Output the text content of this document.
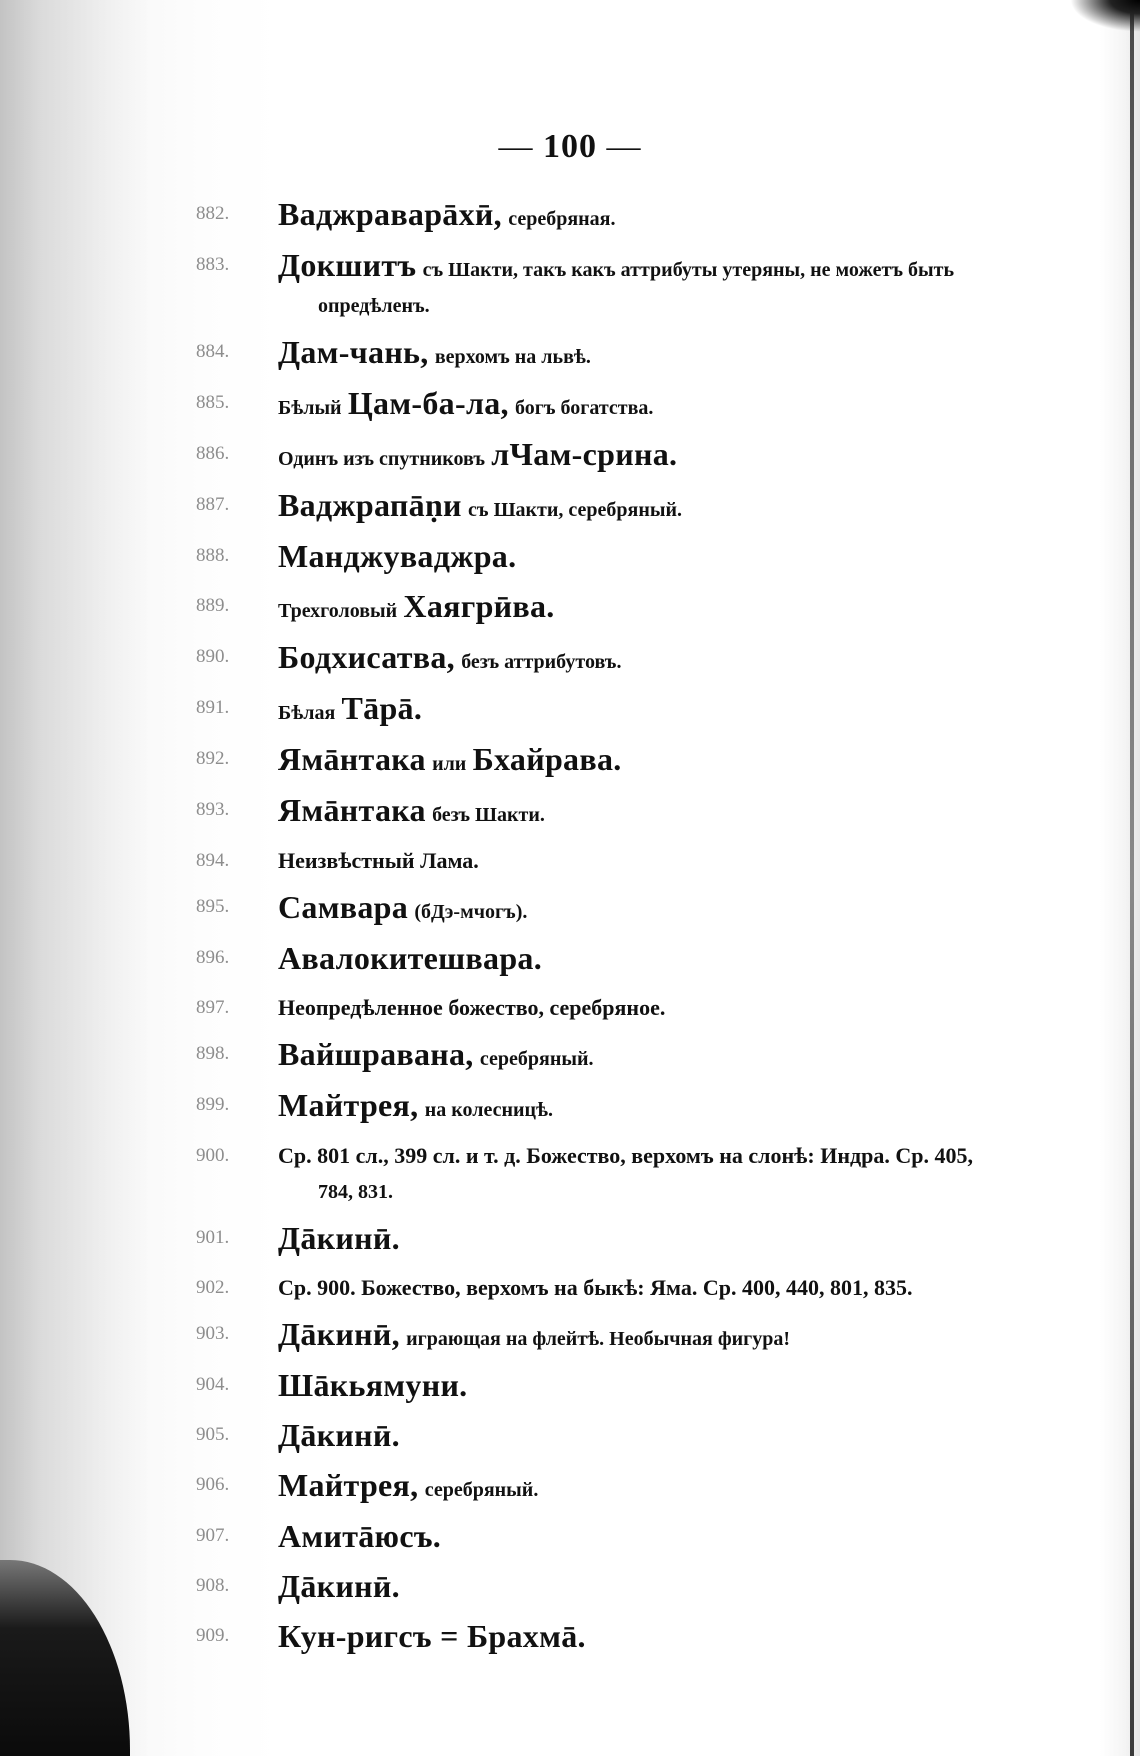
— 100 —
882.	Ваджраварāхӣ, серебряная.
883.	Докшитъ съ Шакти, такъ какъ аттрибуты утеряны, не можетъ быть
опредѣленъ.
884.	Дам-чань, верхомъ на львѣ.
885.	Бѣлый Цам-ба-ла, богъ богатства.
886.	Одинъ изъ спутниковъ лЧам-срина.
887.	Ваджрапāṇи съ Шакти, серебряный.
888.	Манджуваджра.
889.	Трехголовый Хаягрӣва.
890.	Бодхисатва, безъ аттрибутовъ.
891.	Бѣлая Тāрā.
892.	Ямāнтака или Бхайрава.
893.	Ямāнтака безъ Шакти.
894.	Неизвѣстный Лама.
895.	Самвара (бДэ-мчогъ).
896.	Авалокитешвара.
897.	Неопредѣленное божество, серебряное.
898.	Вайшравана, серебряный.
899.	Майтрея, на колесницѣ.
900.	Ср. 801 сл., 399 сл. и т. д. Божество, верхомъ на слонѣ: Индра. Ср. 405,
784, 831.
901.	Дāкинӣ.
902.	Ср. 900. Божество, верхомъ на быкѣ: Яма. Ср. 400, 440, 801, 835.
903.	Дāкинӣ, играющая на флейтѣ. Необычная фигура!
904.	Шāкьямуни.
905.	Дāкинӣ.
906.	Майтрея, серебряный.
907.	Амитāюсъ.
908.	Дāкинӣ.
909.	Кун-ригсъ = Брахмā.
